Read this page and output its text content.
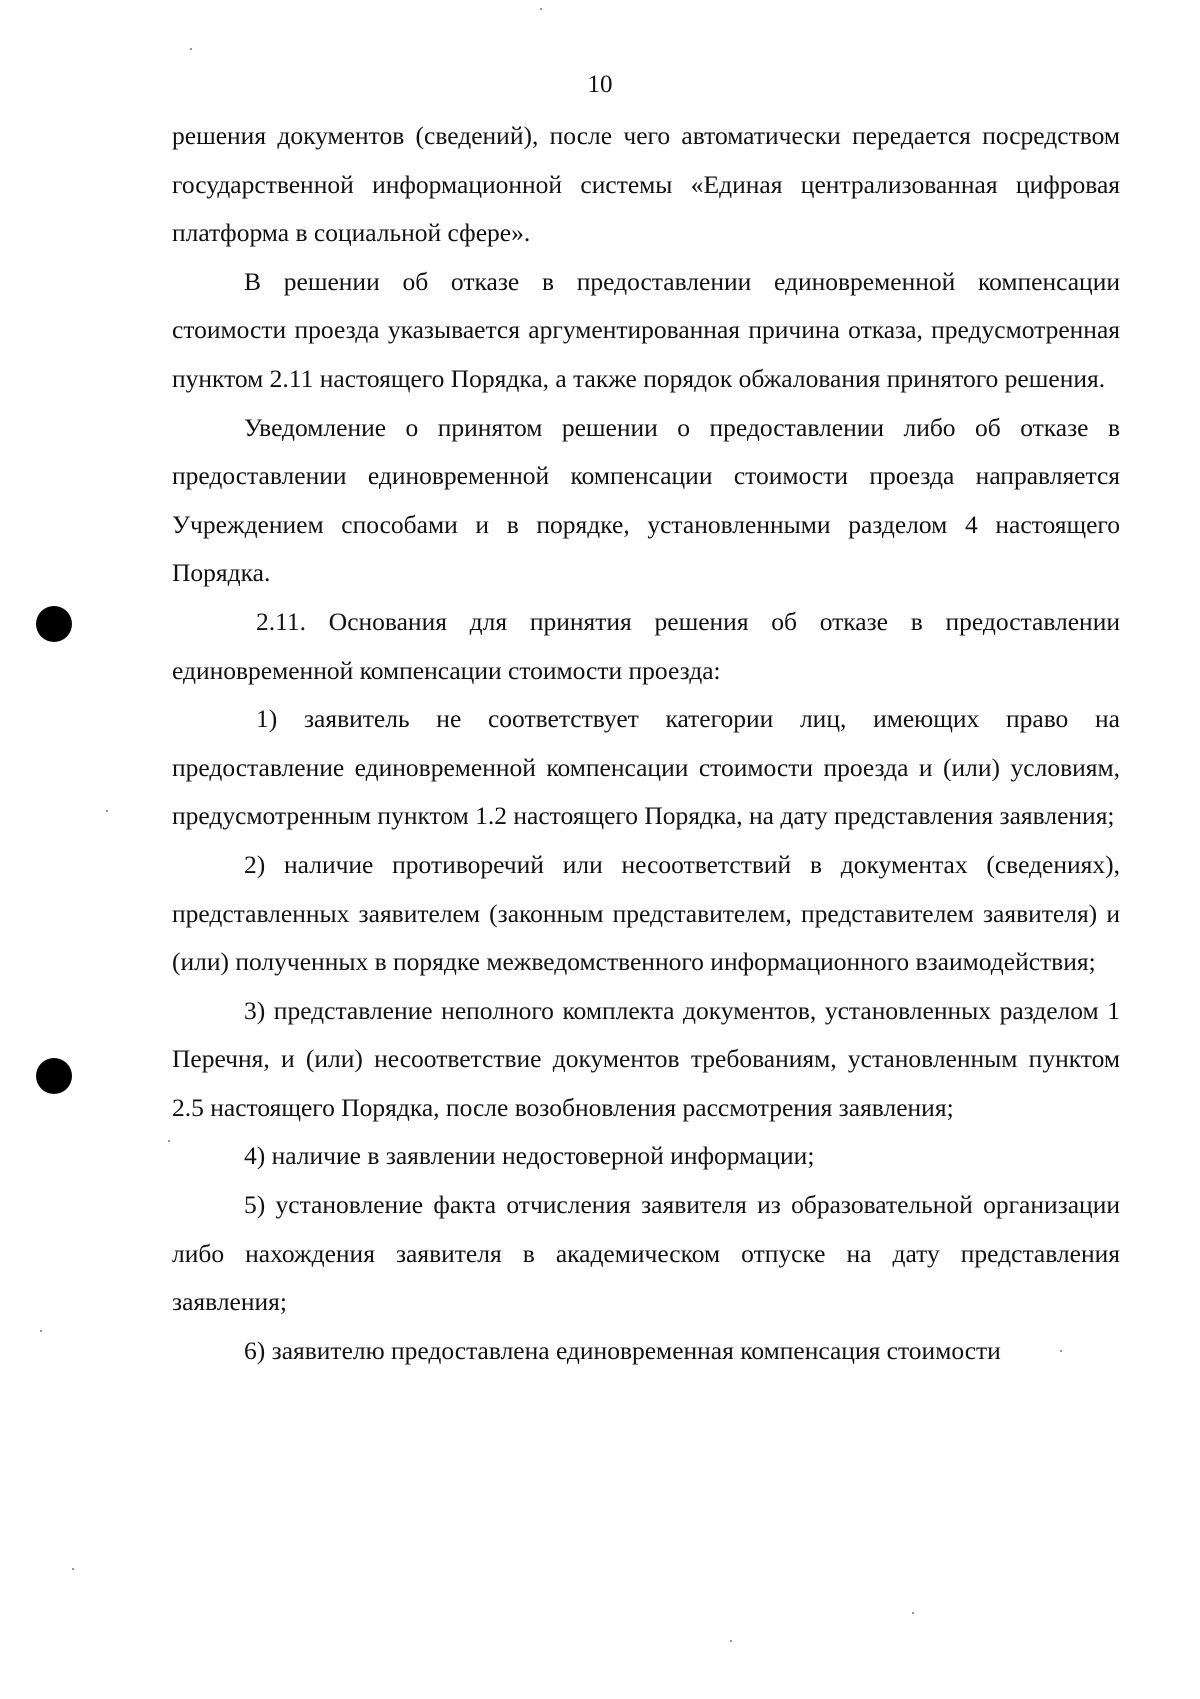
10

решения документов (сведений), после чего автоматически передается посредством государственной информационной системы «Единая централизованная цифровая платформа в социальной сфере».

В решении об отказе в предоставлении единовременной компенсации стоимости проезда указывается аргументированная причина отказа, предусмотренная пунктом 2.11 настоящего Порядка, а также порядок обжалования принятого решения.

Уведомление о принятом решении о предоставлении либо об отказе в предоставлении единовременной компенсации стоимости проезда направляется Учреждением способами и в порядке, установленными разделом 4 настоящего Порядка.

2.11. Основания для принятия решения об отказе в предоставлении единовременной компенсации стоимости проезда:

1) заявитель не соответствует категории лиц, имеющих право на предоставление единовременной компенсации стоимости проезда и (или) условиям, предусмотренным пунктом 1.2 настоящего Порядка, на дату представления заявления;

2) наличие противоречий или несоответствий в документах (сведениях), представленных заявителем (законным представителем, представителем заявителя) и (или) полученных в порядке межведомственного информационного взаимодействия;

3) представление неполного комплекта документов, установленных разделом 1 Перечня, и (или) несоответствие документов требованиям, установленным пунктом 2.5 настоящего Порядка, после возобновления рассмотрения заявления;

4) наличие в заявлении недостоверной информации;

5) установление факта отчисления заявителя из образовательной организации либо нахождения заявителя в академическом отпуске на дату представления заявления;

6) заявителю предоставлена единовременная компенсация стоимости
